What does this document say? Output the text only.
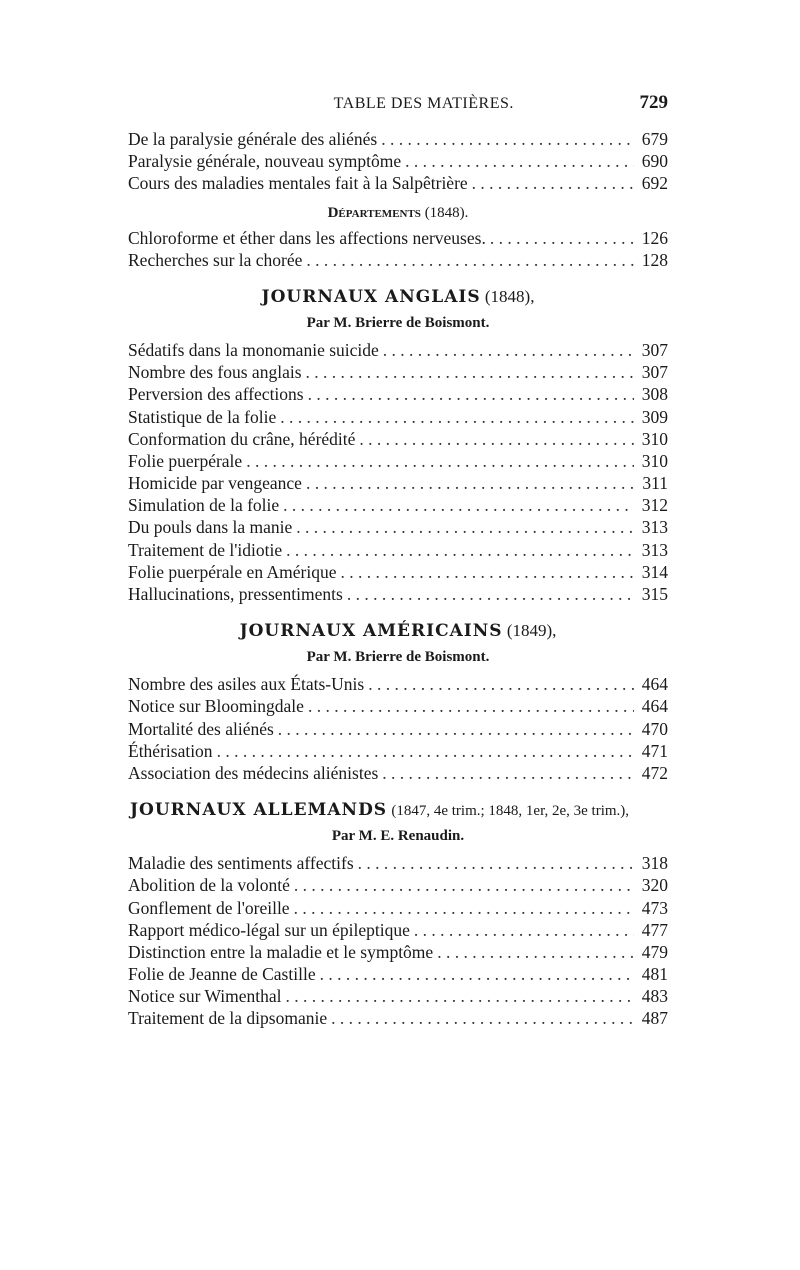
TABLE DES MATIÈRES.	729
De la paralysie générale des aliénés . . .	679
Paralysie générale, nouveau symptôme . . .	690
Cours des maladies mentales fait à la Salpêtrière . . .	692
Départements (1848).
Chloroforme et éther dans les affections nerveuses. . . .	126
Recherches sur la chorée . . .	128
JOURNAUX ANGLAIS (1848),
Par M. Brierre de Boismont.
Sédatifs dans la monomanie suicide . . .	307
Nombre des fous anglais . . .	307
Perversion des affections . . .	308
Statistique de la folie . . .	309
Conformation du crâne, hérédité . . .	310
Folie puerpérale . . .	310
Homicide par vengeance . . .	311
Simulation de la folie . . .	312
Du pouls dans la manie . . .	313
Traitement de l'idiotie . . .	313
Folie puerpérale en Amérique . . .	314
Hallucinations, pressentiments . . .	315
JOURNAUX AMÉRICAINS (1849),
Par M. Brierre de Boismont.
Nombre des asiles aux États-Unis . . .	464
Notice sur Bloomingdale . . .	464
Mortalité des aliénés . . .	470
Éthérisation . . .	471
Association des médecins aliénistes . . .	472
JOURNAUX ALLEMANDS (1847, 4e trim.; 1848, 1er, 2e, 3e trim.),
Par M. E. Renaudin.
Maladie des sentiments affectifs . . .	318
Abolition de la volonté . . .	320
Gonflement de l'oreille . . .	473
Rapport médico-légal sur un épileptique . . .	477
Distinction entre la maladie et le symptôme . . .	479
Folie de Jeanne de Castille . . .	481
Notice sur Wimenthal . . .	483
Traitement de la dipsomanie . . .	487
